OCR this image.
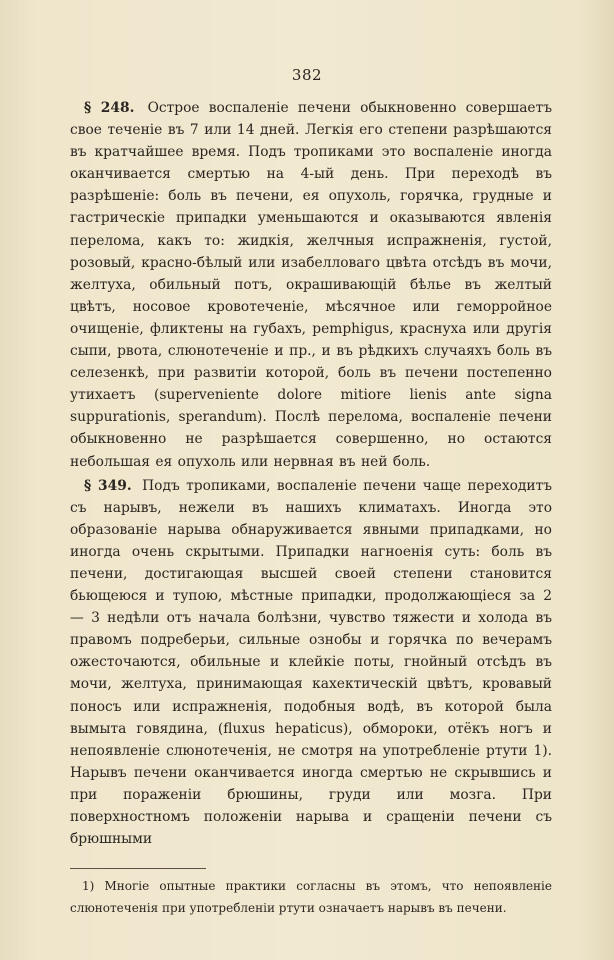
382

§ 248. Острое воспаленіе печени обыкновенно совершаетъ свое теченіе въ 7 или 14 дней. Легкія его степени разрѣшаются въ кратчайшее время. Подъ тропиками это воспаленіе иногда оканчивается смертью на 4-ый день. При переходѣ въ разрѣшеніе: боль въ печени, ея опухоль, горячка, грудные и гастрическіе припадки уменьшаются и оказываются явленія перелома, какъ то: жидкія, желчныя испражненія, густой, розовый, красно-бѣлый или изабелловаго цвѣта отсѣдъ въ мочи, желтуха, обильный потъ, окрашивающій бѣлье въ желтый цвѣтъ, носовое кровотеченіе, мѣсячное или геморройное очищеніе, фликтены на губахъ, pemphigus, краснуха или другія сыпи, рвота, слюнотеченіе и пр., и въ рѣдкихъ случаяхъ боль въ селезенкѣ, при развитіи которой, боль въ печени постепенно утихаетъ (superveniente dolore mitiore lienis ante signa suppurationis, sperandum). Послѣ перелома, воспаленіе печени обыкновенно не разрѣшается совершенно, но остаются небольшая ея опухоль или нервная въ ней боль.

§ 349. Подъ тропиками, воспаленіе печени чаще переходитъ съ нарывъ, нежели въ нашихъ климатахъ. Иногда это образованіе нарыва обнаруживается явными припадками, но иногда очень скрытыми. Припадки нагноенія суть: боль въ печени, достигающая высшей своей степени становится бьющеюся и тупою, мѣстные припадки, продолжающіеся за 2 — 3 недѣли отъ начала болѣзни, чувство тяжести и холода въ правомъ подреберьи, сильные ознобы и горячка по вечерамъ ожесточаются, обильные и клейкіе поты, гнойный отсѣдъ въ мочи, желтуха, принимающая кахектическій цвѣтъ, кровавый поносъ или испражненія, подобныя водѣ, въ которой была вымыта говядина, (fluxus hepaticus), обмороки, отёкъ ногъ и непоявленіе слюнотеченія, не смотря на употребленіе ртути 1). Нарывъ печени оканчивается иногда смертью не скрывшись и при пораженіи брюшины, груди или мозга. При поверхностномъ положеніи нарыва и сращеніи печени съ брюшными

1) Многіе опытные практики согласны въ этомъ, что непоявленіе слюнотеченія при употребленіи ртути означаетъ нарывъ въ печени.
